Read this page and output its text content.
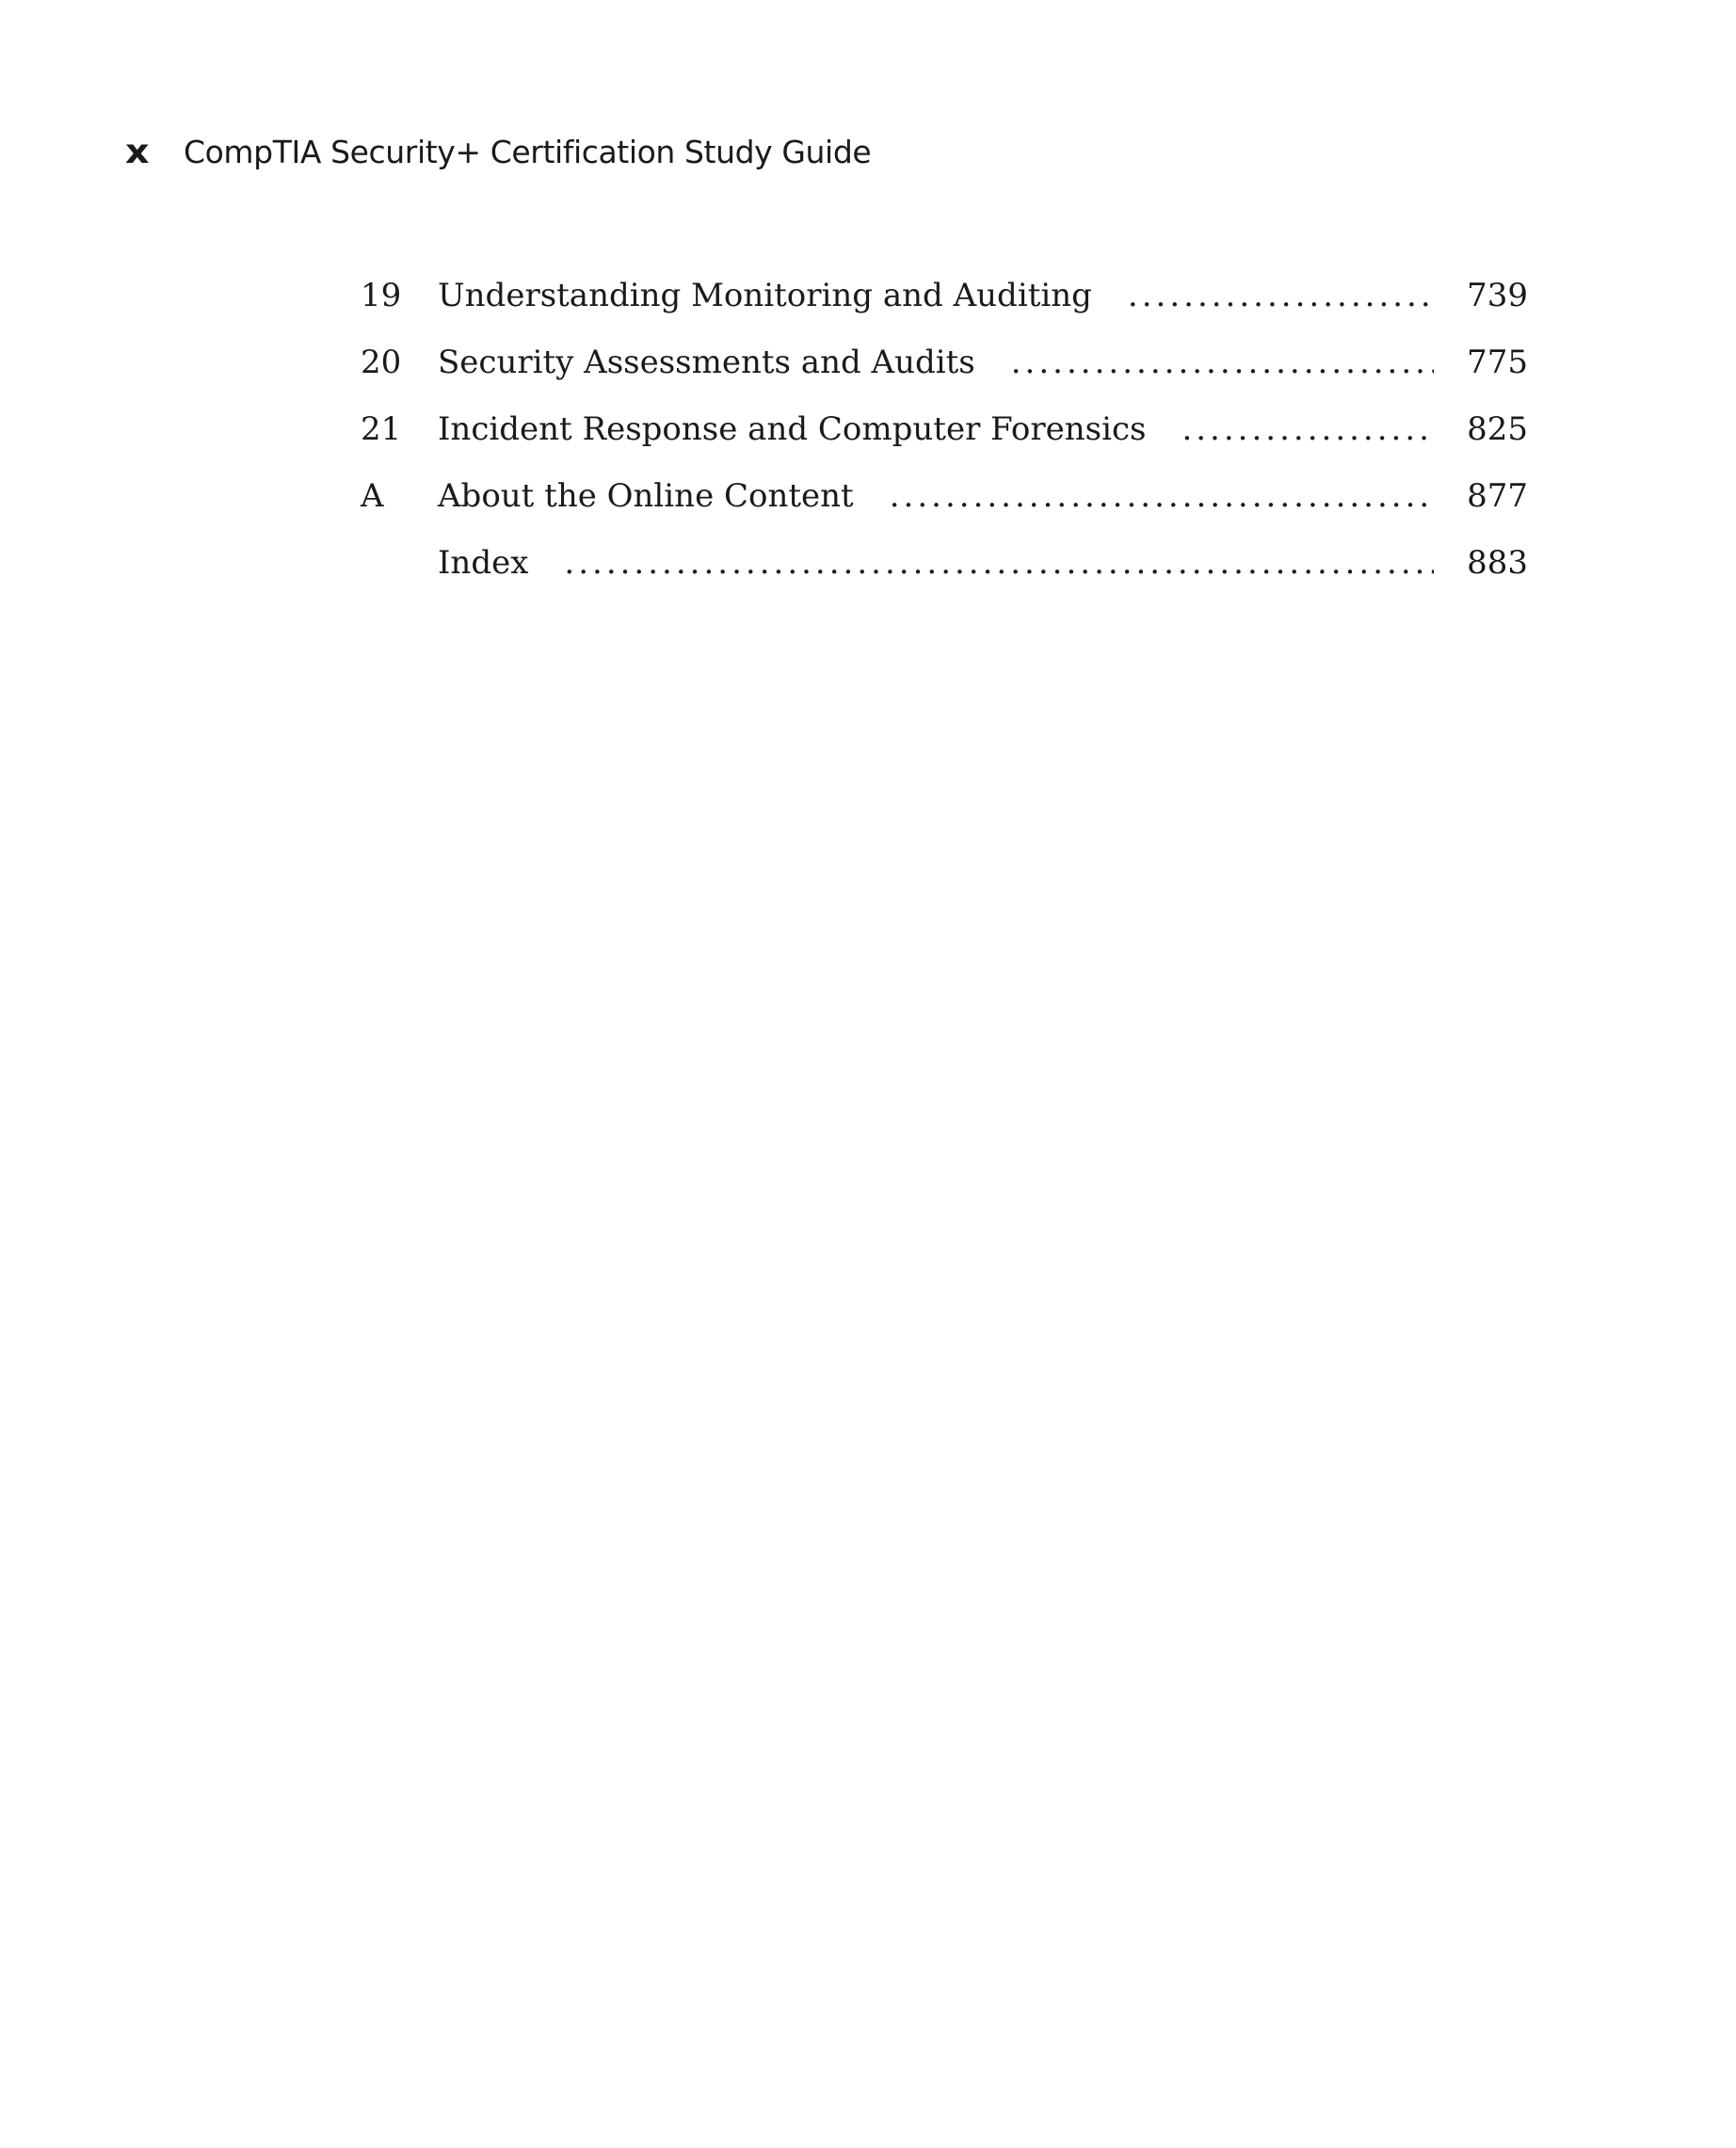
x	CompTIA Security+ Certification Study Guide
19	Understanding Monitoring and Auditing .....	739
20	Security Assessments and Audits .....	775
21	Incident Response and Computer Forensics .....	825
A	About the Online Content .....	877
Index .....	883
